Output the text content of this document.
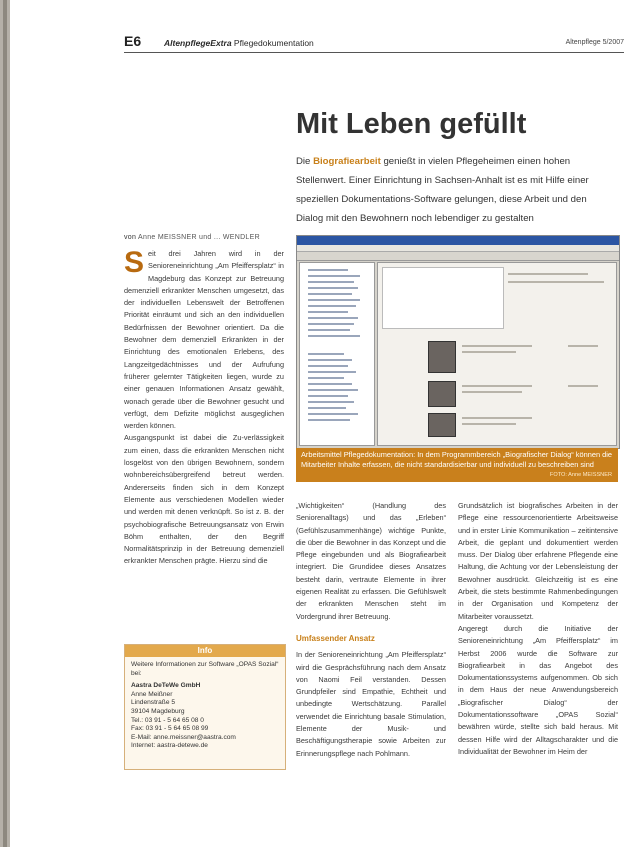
E6	AltenpflegeExtra Pflegedokumentation	Altenpflege 5/2007
Mit Leben gefüllt
Die Biografiearbeit genießt in vielen Pflegeheimen einen hohen Stellenwert. Einer Einrichtung in Sachsen-Anhalt ist es mit Hilfe einer speziellen Dokumentations-Software gelungen, diese Arbeit und den Dialog mit den Bewohnern noch lebendiger zu gestalten
von Anne MEISSNER und ... WENDLER

Seit drei Jahren wird in der Senioreneinrichtung „Am Pfeiffersplatz“ in Magdeburg das Konzept zur Betreuung demenziell erkrankter Menschen umgesetzt, das der individuellen Lebenswelt der Betroffenen Priorität einräumt und sich an den individuellen Bedürfnissen der Bewohner orientiert. Da die Bewohner dem demenziell Erkrankten in der Einrichtung des emotionalen Erlebens, des Langzeitgedächtnisses und der Aufrufung früherer gelernter Tätigkeiten liegen, wurde zu einer genauen Informationen Ansatz gewählt, wonach gerade über die Bewohner gesucht und verfügt, dem Defizite möglichst ausgeglichen werden können.

Ausgangspunkt ist dabei die Zu-verlässigkeit zum einen, dass die erkrankten Menschen nicht losgelöst von den übrigen Bewohnern, sondern wohnbereichsübergreifend betreut werden. Andererseits finden sich in dem Konzept Elemente aus verschiedenen Modellen wieder und werden mit denen verknüpft. So ist z. B. der psychobiografische Betreuungsansatz von Erwin Böhm enthalten, der den Begriff Normalitätsprinzip in der Betreuung demenziell erkrankter Menschen prägte. Hierzu sind die

Arbeitsmittel Pflegedokumentation: In dem Programmbereich „Biografischer Dialog“ können die Mitarbeiter Inhalte erfassen, die nicht standardisierbar und individuell zu beschreiben sind
FOTO: Anne MEISSNER

„Wichtigkeiten“ (Handlung des Seniorenalltags) und das „Erleben“ (Gefühlszusammenhänge) wichtige Punkte, die über die Bewohner in das Konzept und die Pflege eingebunden und als Biografiearbeit integriert. Die Grundidee dieses Ansatzes besteht darin, vertraute Elemente in ihrer eigenen Realität zu erfassen. Die Gefühlswelt der erkrankten Menschen steht im Vordergrund ihrer Betreuung.

Umfassender Ansatz

In der Senioreneinrichtung „Am Pfeiffersplatz“ wird die Gesprächsführung nach dem Ansatz von Naomi Feil verstanden. Dessen Grundpfeiler sind Empathie, Echtheit und unbedingte Wertschätzung. Parallel verwendet die Einrichtung basale Stimulation, Elemente der Musik- und Beschäftigungstherapie sowie Arbeiten zur Erinnerungspflege nach Pohlmann.

Grundsätzlich ist biografisches Arbeiten in der Pflege eine ressourcenorientierte Arbeitsweise und in erster Linie Kommunikation – zeitintensive Arbeit, die geplant und dokumentiert werden muss. Der Dialog über erfahrene Pflegende eine Haltung, die Achtung vor der Lebensleistung der Bewohner ausdrückt. Gleichzeitig ist es eine Arbeit, die stets bestimmte Rahmenbedingungen in der Organisation und Kompetenz der Mitarbeiter voraussetzt.

Angeregt durch die Initiative der Senioreneinrichtung „Am Pfeiffersplatz“ im Herbst 2006 wurde die Software zur Biografiearbeit in das Angebot des Dokumentationssystems aufgenommen. Ob sich in dem Haus der neue Anwendungsbereich „Biografischer Dialog“ der Dokumentationssoftware „OPAS Sozial“ bewähren würde, stellte sich bald heraus. Mit dessen Hilfe wird der Alltagscharakter und die Individualität der Bewohner im Heim der

Info
Weitere Informationen zur Software „OPAS Sozial“ bei:
Aastra DeTeWe GmbH
Anne Meißner
Lindenstraße 5
39104 Magdeburg
Tel.: 03 91 - 5 64 65 08 0
Fax: 03 91 - 5 64 65 08 99
E-Mail: anne.meissner@aastra.com
Internet: aastra-detewe.de
